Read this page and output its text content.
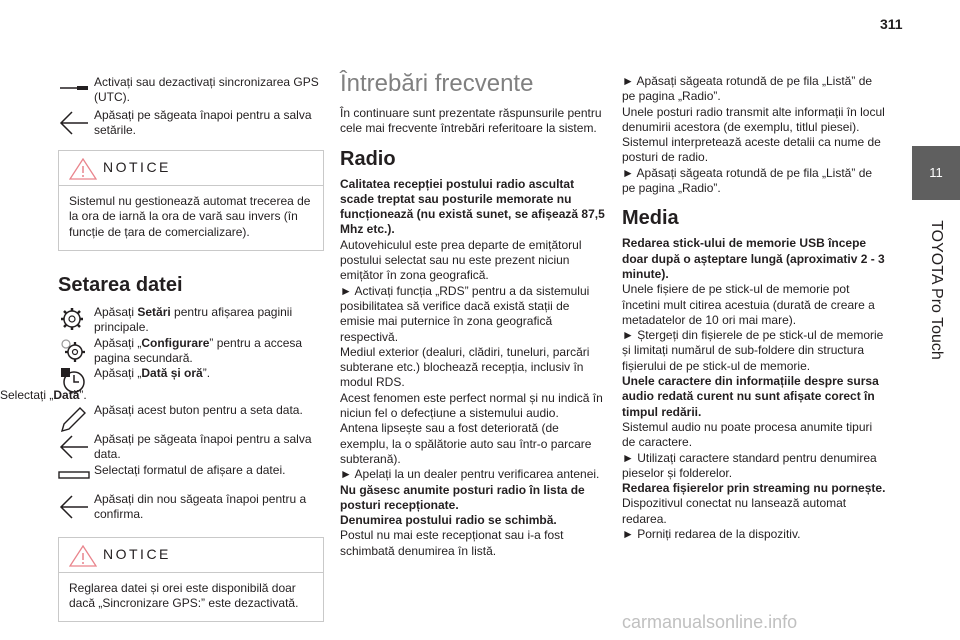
311
11
TOYOTA Pro Touch
Activați sau dezactivați sincronizarea GPS (UTC).
Apăsați pe săgeata înapoi pentru a salva setările.
NOTICE

Sistemul nu gestionează automat trecerea de la ora de iarnă la ora de vară sau invers (în funcție de țara de comercializare).

Setarea datei
Apăsați Setări pentru afișarea paginii principale.
Apăsați „Configurare” pentru a accesa pagina secundară.
Apăsați „Dată și oră”.

Selectați „Dată”.

Apăsați acest buton pentru a seta data.
Apăsați pe săgeata înapoi pentru a salva data.
Selectați formatul de afișare a datei.
Apăsați din nou săgeata înapoi pentru a confirma.
NOTICE

Reglarea datei și orei este disponibilă doar dacă „Sincronizare GPS:” este dezactivată.

Întrebări frecvente

În continuare sunt prezentate răspunsurile pentru cele mai frecvente întrebări referitoare la sistem.

Radio

Calitatea recepției postului radio ascultat scade treptat sau posturile memorate nu funcționează (nu există sunet, se afișează 87,5 Mhz etc.).

Autovehiculul este prea departe de emițătorul postului selectat sau nu este prezent niciun emițător în zona geografică.

► Activați funcția „RDS” pentru a da sistemului posibilitatea să verifice dacă există stații de emisie mai puternice în zona geografică respectivă.

Mediul exterior (dealuri, clădiri, tuneluri, parcări subterane etc.) blochează recepția, inclusiv în modul RDS.

Acest fenomen este perfect normal și nu indică în niciun fel o defecțiune a sistemului audio.

Antena lipsește sau a fost deteriorată (de exemplu, la o spălătorie auto sau într-o parcare subterană).

► Apelați la un dealer pentru verificarea antenei.

Nu găsesc anumite posturi radio în lista de posturi recepționate.

Denumirea postului radio se schimbă.

Postul nu mai este recepționat sau i-a fost schimbată denumirea în listă.

► Apăsați săgeata rotundă de pe fila „Listă” de pe pagina „Radio”.

Unele posturi radio transmit alte informații în locul denumirii acestora (de exemplu, titlul piesei).

Sistemul interpretează aceste detalii ca nume de posturi de radio.

► Apăsați săgeata rotundă de pe fila „Listă” de pe pagina „Radio”.

Media

Redarea stick-ului de memorie USB începe doar după o așteptare lungă (aproximativ 2 - 3 minute).

Unele fișiere de pe stick-ul de memorie pot încetini mult citirea acestuia (durată de creare a metadatelor de 10 ori mai mare).

► Ștergeți din fișierele de pe stick-ul de memorie și limitați numărul de sub-foldere din structura fișierului de pe stick-ul de memorie.

Unele caractere din informațiile despre sursa audio redată curent nu sunt afișate corect în timpul redării.

Sistemul audio nu poate procesa anumite tipuri de caractere.

► Utilizați caractere standard pentru denumirea pieselor și folderelor.

Redarea fișierelor prin streaming nu pornește.

Dispozitivul conectat nu lansează automat redarea.

► Porniți redarea de la dispozitiv.

carmanualsonline.info
